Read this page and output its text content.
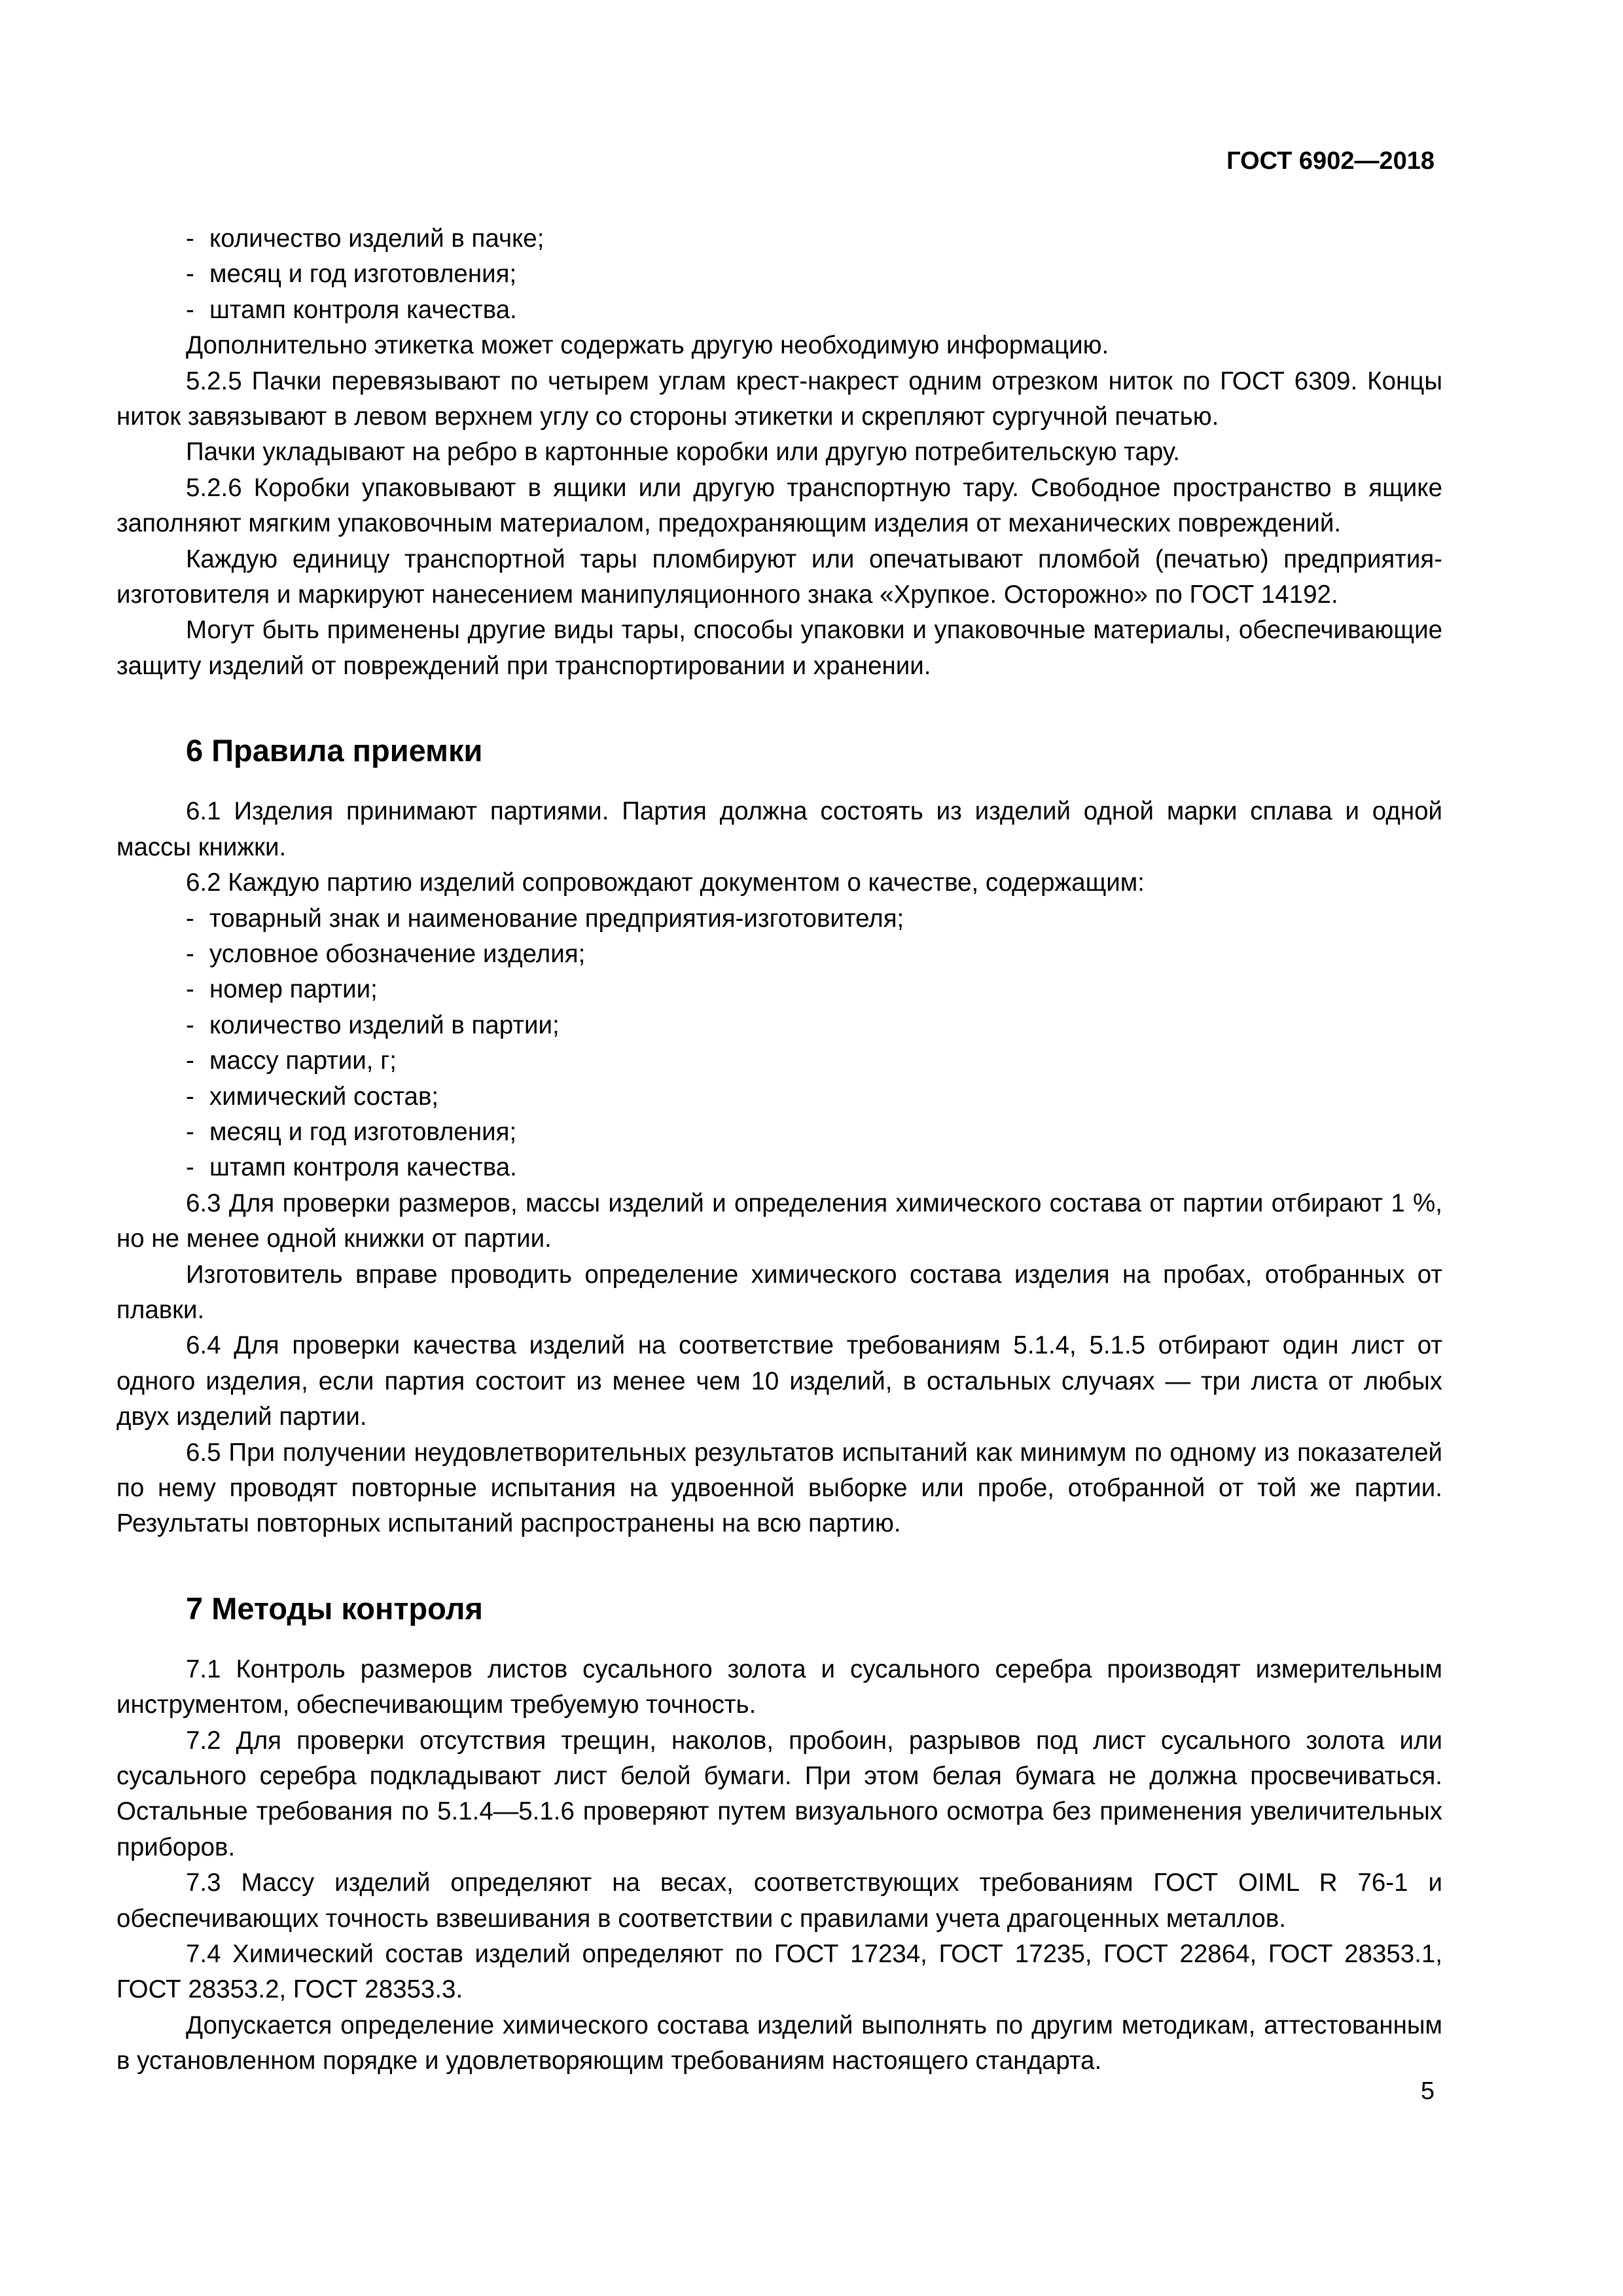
ГОСТ 6902—2018
- количество изделий в пачке;
- месяц и год изготовления;
- штамп контроля качества.

Дополнительно этикетка может содержать другую необходимую информацию.

5.2.5 Пачки перевязывают по четырем углам крест-накрест одним отрезком ниток по ГОСТ 6309. Концы ниток завязывают в левом верхнем углу со стороны этикетки и скрепляют сургучной печатью.

Пачки укладывают на ребро в картонные коробки или другую потребительскую тару.

5.2.6 Коробки упаковывают в ящики или другую транспортную тару. Свободное пространство в ящике заполняют мягким упаковочным материалом, предохраняющим изделия от механических повреждений.

Каждую единицу транспортной тары пломбируют или опечатывают пломбой (печатью) предприятия-изготовителя и маркируют нанесением манипуляционного знака «Хрупкое. Осторожно» по ГОСТ 14192.

Могут быть применены другие виды тары, способы упаковки и упаковочные материалы, обеспечивающие защиту изделий от повреждений при транспортировании и хранении.

6 Правила приемки

6.1 Изделия принимают партиями. Партия должна состоять из изделий одной марки сплава и одной массы книжки.

6.2 Каждую партию изделий сопровождают документом о качестве, содержащим:

- товарный знак и наименование предприятия-изготовителя;
- условное обозначение изделия;
- номер партии;
- количество изделий в партии;
- массу партии, г;
- химический состав;
- месяц и год изготовления;
- штамп контроля качества.

6.3 Для проверки размеров, массы изделий и определения химического состава от партии отбирают 1 %, но не менее одной книжки от партии.

Изготовитель вправе проводить определение химического состава изделия на пробах, отобранных от плавки.

6.4 Для проверки качества изделий на соответствие требованиям 5.1.4, 5.1.5 отбирают один лист от одного изделия, если партия состоит из менее чем 10 изделий, в остальных случаях — три листа от любых двух изделий партии.

6.5 При получении неудовлетворительных результатов испытаний как минимум по одному из показателей по нему проводят повторные испытания на удвоенной выборке или пробе, отобранной от той же партии. Результаты повторных испытаний распространены на всю партию.

7 Методы контроля

7.1 Контроль размеров листов сусального золота и сусального серебра производят измерительным инструментом, обеспечивающим требуемую точность.

7.2 Для проверки отсутствия трещин, наколов, пробоин, разрывов под лист сусального золота или сусального серебра подкладывают лист белой бумаги. При этом белая бумага не должна просвечиваться. Остальные требования по 5.1.4—5.1.6 проверяют путем визуального осмотра без применения увеличительных приборов.

7.3 Массу изделий определяют на весах, соответствующих требованиям ГОСТ OIML R 76-1 и обеспечивающих точность взвешивания в соответствии с правилами учета драгоценных металлов.

7.4 Химический состав изделий определяют по ГОСТ 17234, ГОСТ 17235, ГОСТ 22864, ГОСТ 28353.1, ГОСТ 28353.2, ГОСТ 28353.3.

Допускается определение химического состава изделий выполнять по другим методикам, аттестованным в установленном порядке и удовлетворяющим требованиям настоящего стандарта.

5
